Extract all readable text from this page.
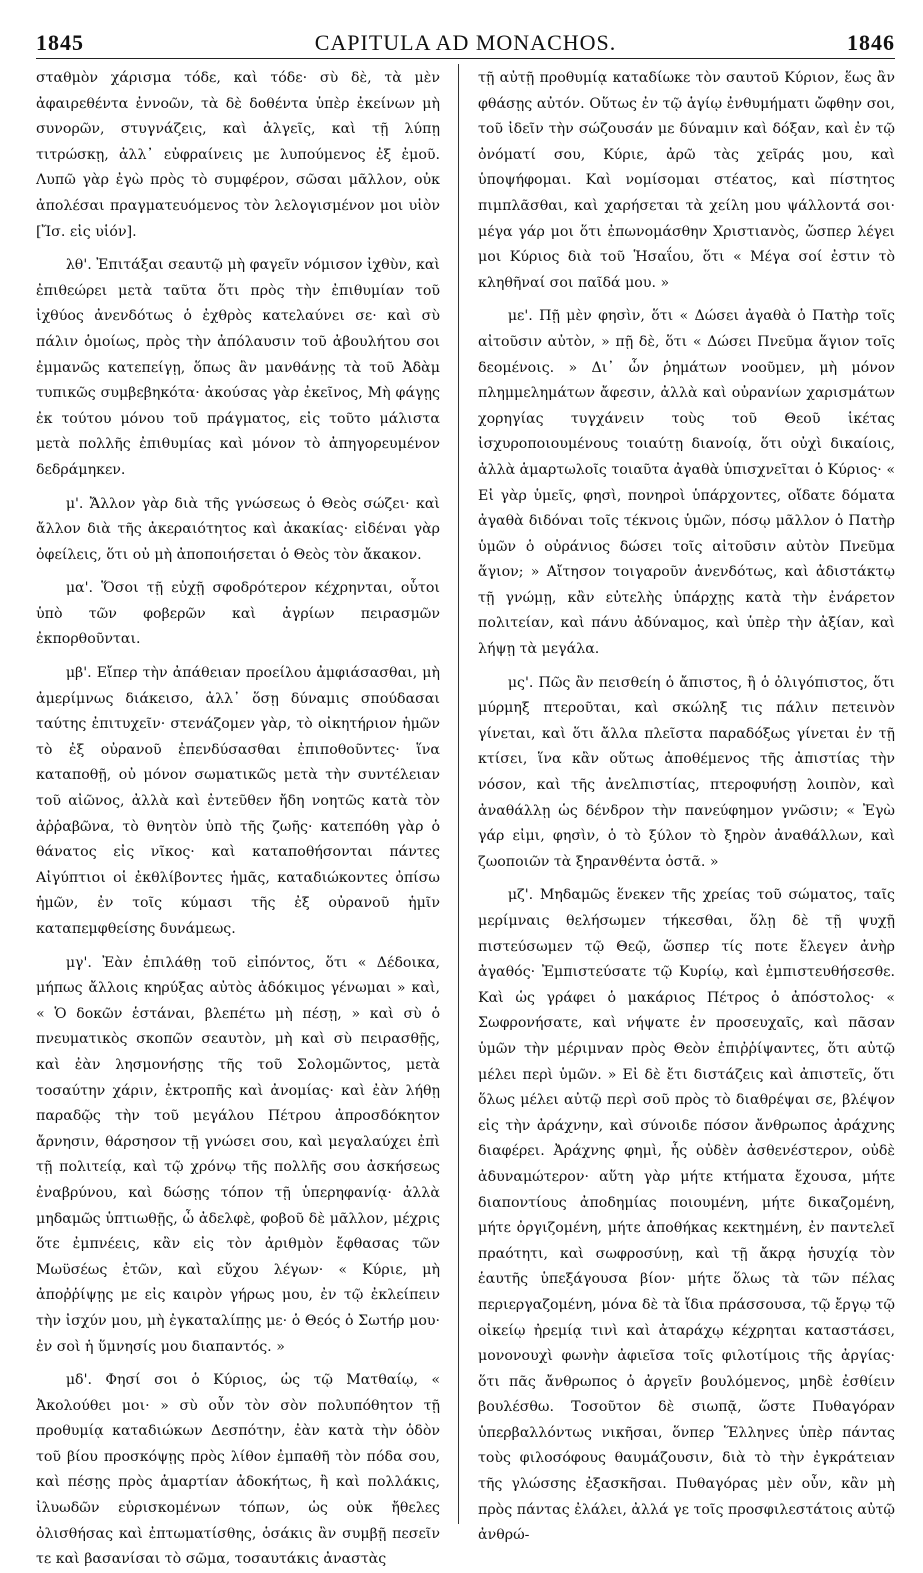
1845	CAPITULA AD MONACHOS.	1846

σταθμὸν χάρισμα τόδε, καὶ τόδε· σὺ δὲ, τὰ μὲν ἀφαιρεθέντα ἐννοῶν, τὰ δὲ δοθέντα ὑπὲρ ἐκείνων μὴ συνορῶν, στυγνάζεις, καὶ ἀλγεῖς, καὶ τῇ λύπῃ τιτρώσκῃ, ἀλλ᾽ εὐφραίνεις με λυπούμενος ἐξ ἐμοῦ. Λυπῶ γὰρ ἐγὼ πρὸς τὸ συμφέρον, σῶσαι μᾶλλον, οὐκ ἀπολέσαι πραγματευόμενος τὸν λελογισμένον μοι υἱὸν [Ἴσ. εἰς υἱόν].

λθ'. Ἐπιτάξαι σεαυτῷ μὴ φαγεῖν νόμισον ἰχθὺν, καὶ ἐπιθεώρει μετὰ ταῦτα ὅτι πρὸς τὴν ἐπιθυμίαν τοῦ ἰχθύος ἀνενδότως ὁ ἐχθρὸς κατελαύνει σε· καὶ σὺ πάλιν ὁμοίως, πρὸς τὴν ἀπόλαυσιν τοῦ ἀβουλήτου σοι ἐμμανῶς κατεπείγῃ, ὅπως ἂν μανθάνῃς τὰ τοῦ Ἀδὰμ τυπικῶς συμβεβηκότα· ἀκούσας γὰρ ἐκεῖνος, Μὴ φάγῃς ἐκ τούτου μόνου τοῦ πράγματος, εἰς τοῦτο μάλιστα μετὰ πολλῆς ἐπιθυμίας καὶ μόνον τὸ ἀπηγορευμένον δεδράμηκεν.

μ'. Ἄλλον γὰρ διὰ τῆς γνώσεως ὁ Θεὸς σώζει· καὶ ἄλλον διὰ τῆς ἀκεραιότητος καὶ ἀκακίας· εἰδέναι γὰρ ὀφείλεις, ὅτι οὐ μὴ ἀποποιήσεται ὁ Θεὸς τὸν ἄκακον.

μα'. Ὅσοι τῇ εὐχῇ σφοδρότερον κέχρηνται, οὗτοι ὑπὸ τῶν φοβερῶν καὶ ἀγρίων πειρασμῶν ἐκπορθοῦνται.

μβ'. Εἴπερ τὴν ἀπάθειαν προείλου ἀμφιάσασθαι, μὴ ἀμερίμνως διάκεισο, ἀλλ᾽ ὅσῃ δύναμις σπούδασαι ταύτης ἐπιτυχεῖν· στενάζομεν γὰρ, τὸ οἰκητήριον ἡμῶν τὸ ἐξ οὐρανοῦ ἐπενδύσασθαι ἐπιποθοῦντες· ἵνα καταποθῇ, οὐ μόνον σωματικῶς μετὰ τὴν συντέλειαν τοῦ αἰῶνος, ἀλλὰ καὶ ἐντεῦθεν ἤδη νοητῶς κατὰ τὸν ἀῤῥαβῶνα, τὸ θνητὸν ὑπὸ τῆς ζωῆς· κατεπόθη γὰρ ὁ θάνατος εἰς νῖκος· καὶ καταποθήσονται πάντες Αἰγύπτιοι οἱ ἐκθλίβοντες ἡμᾶς, καταδιώκοντες ὀπίσω ἡμῶν, ἐν τοῖς κύμασι τῆς ἐξ οὐρανοῦ ἡμῖν καταπεμφθείσης δυνάμεως.

μγ'. Ἐὰν ἐπιλάθῃ τοῦ εἰπόντος, ὅτι « Δέδοικα, μήπως ἄλλοις κηρύξας αὐτὸς ἀδόκιμος γένωμαι » καὶ, « Ὁ δοκῶν ἑστάναι, βλεπέτω μὴ πέσῃ, » καὶ σὺ ὁ πνευματικὸς σκοπῶν σεαυτὸν, μὴ καὶ σὺ πειρασθῇς, καὶ ἐὰν λησμονήσῃς τῆς τοῦ Σολομῶντος, μετὰ τοσαύτην χάριν, ἐκτροπῆς καὶ ἀνομίας· καὶ ἐὰν λήθῃ παραδῷς τὴν τοῦ μεγάλου Πέτρου ἀπροσδόκητον ἄρνησιν, θάρσησον τῇ γνώσει σου, καὶ μεγαλαύχει ἐπὶ τῇ πολιτείᾳ, καὶ τῷ χρόνῳ τῆς πολλῆς σου ἀσκήσεως ἐναβρύνου, καὶ δώσῃς τόπον τῇ ὑπερηφανίᾳ· ἀλλὰ μηδαμῶς ὑπτιωθῇς, ὦ ἀδελφὲ, φοβοῦ δὲ μᾶλλον, μέχρις ὅτε ἐμπνέεις, κἂν εἰς τὸν ἀριθμὸν ἔφθασας τῶν Μωϋσέως ἐτῶν, καὶ εὔχου λέγων· « Κύριε, μὴ ἀποῤῥίψῃς με εἰς καιρὸν γήρως μου, ἐν τῷ ἐκλείπειν τὴν ἰσχύν μου, μὴ ἐγκαταλίπῃς με· ὁ Θεός ὁ Σωτήρ μου· ἐν σοὶ ἡ ὕμνησίς μου διαπαντός. »

μδ'. Φησί σοι ὁ Κύριος, ὡς τῷ Ματθαίῳ, « Ἀκολούθει μοι· » σὺ οὖν τὸν σὸν πολυπόθητον τῇ προθυμίᾳ καταδιώκων Δεσπότην, ἐὰν κατὰ τὴν ὁδὸν τοῦ βίου προσκόψῃς πρὸς λίθον ἐμπαθῆ τὸν πόδα σου, καὶ πέσῃς πρὸς ἁμαρτίαν ἀδοκήτως, ἢ καὶ πολλάκις, ἰλυωδῶν εὑρισκομένων τόπων, ὡς οὐκ ἤθελες ὀλισθήσας καὶ ἐπτωματίσθης, ὁσάκις ἂν συμβῇ πεσεῖν τε καὶ βασανίσαι τὸ σῶμα, τοσαυτάκις ἀναστὰς

τῇ αὐτῇ προθυμίᾳ καταδίωκε τὸν σαυτοῦ Κύριον, ἕως ἂν φθάσῃς αὐτόν. Οὕτως ἐν τῷ ἁγίῳ ἐνθυμήματι ὤφθην σοι, τοῦ ἰδεῖν τὴν σώζουσάν με δύναμιν καὶ δόξαν, καὶ ἐν τῷ ὀνόματί σου, Κύριε, ἀρῶ τὰς χεῖράς μου, καὶ ὑποψήφομαι. Καὶ νομίσομαι στέατος, καὶ πίστητος πιμπλᾶσθαι, καὶ χαρήσεται τὰ χείλη μου ψάλλοντά σοι· μέγα γάρ μοι ὅτι ἐπωνομάσθην Χριστιανὸς, ὥσπερ λέγει μοι Κύριος διὰ τοῦ Ἡσαΐου, ὅτι « Μέγα σοί ἐστιν τὸ κληθῆναί σοι παῖδά μου. »

με'. Πῇ μὲν φησὶν, ὅτι « Δώσει ἀγαθὰ ὁ Πατὴρ τοῖς αἰτοῦσιν αὐτὸν, » πῇ δὲ, ὅτι « Δώσει Πνεῦμα ἅγιον τοῖς δεομένοις. » Δι᾽ ὧν ῥημάτων νοοῦμεν, μὴ μόνον πλημμελημάτων ἄφεσιν, ἀλλὰ καὶ οὐρανίων χαρισμάτων χορηγίας τυγχάνειν τοὺς τοῦ Θεοῦ ἱκέτας ἰσχυροποιουμένους τοιαύτῃ διανοίᾳ, ὅτι οὐχὶ δικαίοις, ἀλλὰ ἁμαρτωλοῖς τοιαῦτα ἀγαθὰ ὑπισχνεῖται ὁ Κύριος· « Εἰ γὰρ ὑμεῖς, φησὶ, πονηροὶ ὑπάρχοντες, οἴδατε δόματα ἀγαθὰ διδόναι τοῖς τέκνοις ὑμῶν, πόσῳ μᾶλλον ὁ Πατὴρ ὑμῶν ὁ οὐράνιος δώσει τοῖς αἰτοῦσιν αὐτὸν Πνεῦμα ἅγιον; » Αἴτησον τοιγαροῦν ἀνενδότως, καὶ ἀδιστάκτῳ τῇ γνώμῃ, κἂν εὐτελὴς ὑπάρχῃς κατὰ τὴν ἐνάρετον πολιτείαν, καὶ πάνυ ἀδύναμος, καὶ ὑπὲρ τὴν ἀξίαν, καὶ λήψῃ τὰ μεγάλα.

μς'. Πῶς ἂν πεισθείη ὁ ἄπιστος, ἢ ὁ ὀλιγόπιστος, ὅτι μύρμηξ πτεροῦται, καὶ σκώληξ τις πάλιν πετεινὸν γίνεται, καὶ ὅτι ἄλλα πλεῖστα παραδόξως γίνεται ἐν τῇ κτίσει, ἵνα κἂν οὕτως ἀποθέμενος τῆς ἀπιστίας τὴν νόσον, καὶ τῆς ἀνελπιστίας, πτεροφυήσῃ λοιπὸν, καὶ ἀναθάλλῃ ὡς δένδρον τὴν πανεύφημον γνῶσιν; « Ἐγὼ γάρ εἰμι, φησὶν, ὁ τὸ ξύλον τὸ ξηρὸν ἀναθάλλων, καὶ ζωοποιῶν τὰ ξηρανθέντα ὀστᾶ. »

μζ'. Μηδαμῶς ἕνεκεν τῆς χρείας τοῦ σώματος, ταῖς μερίμναις θελήσωμεν τήκεσθαι, ὅλῃ δὲ τῇ ψυχῇ πιστεύσωμεν τῷ Θεῷ, ὥσπερ τίς ποτε ἔλεγεν ἀνὴρ ἀγαθός· Ἐμπιστεύσατε τῷ Κυρίῳ, καὶ ἐμπιστευθήσεσθε. Καὶ ὡς γράφει ὁ μακάριος Πέτρος ὁ ἀπόστολος· « Σωφρονήσατε, καὶ νήψατε ἐν προσευχαῖς, καὶ πᾶσαν ὑμῶν τὴν μέριμναν πρὸς Θεὸν ἐπιῤῥίψαντες, ὅτι αὐτῷ μέλει περὶ ὑμῶν. » Εἰ δὲ ἔτι διστάζεις καὶ ἀπιστεῖς, ὅτι ὅλως μέλει αὐτῷ περὶ σοῦ πρὸς τὸ διαθρέψαι σε, βλέψον εἰς τὴν ἀράχνην, καὶ σύνοιδε πόσον ἄνθρωπος ἀράχνης διαφέρει. Ἀράχνης φημὶ, ἧς οὐδὲν ἀσθενέστερον, οὐδὲ ἀδυναμώτερον· αὕτη γὰρ μήτε κτήματα ἔχουσα, μήτε διαποντίους ἀποδημίας ποιουμένη, μήτε δικαζομένη, μήτε ὀργιζομένη, μήτε ἀποθήκας κεκτημένη, ἐν παντελεῖ πραότητι, καὶ σωφροσύνῃ, καὶ τῇ ἄκρᾳ ἡσυχίᾳ τὸν ἑαυτῆς ὑπεξάγουσα βίον· μήτε ὅλως τὰ τῶν πέλας περιεργαζομένη, μόνα δὲ τὰ ἴδια πράσσουσα, τῷ ἔργῳ τῷ οἰκείῳ ἠρεμίᾳ τινὶ καὶ ἀταράχῳ κέχρηται καταστάσει, μονονουχὶ φωνὴν ἀφιεῖσα τοῖς φιλοτίμοις τῆς ἀργίας· ὅτι πᾶς ἄνθρωπος ὁ ἀργεῖν βουλόμενος, μηδὲ ἐσθίειν βουλέσθω. Τοσοῦτον δὲ σιωπᾷ, ὥστε Πυθαγόραν ὑπερβαλλόντως νικῆσαι, ὅνπερ Ἕλληνες ὑπὲρ πάντας τοὺς φιλοσόφους θαυμάζουσιν, διὰ τὸ τὴν ἐγκράτειαν τῆς γλώσσης ἐξασκῆσαι. Πυθαγόρας μὲν οὖν, κἂν μὴ πρὸς πάντας ἐλάλει, ἀλλά γε τοῖς προσφιλεστάτοις αὐτῷ ἀνθρώ-
